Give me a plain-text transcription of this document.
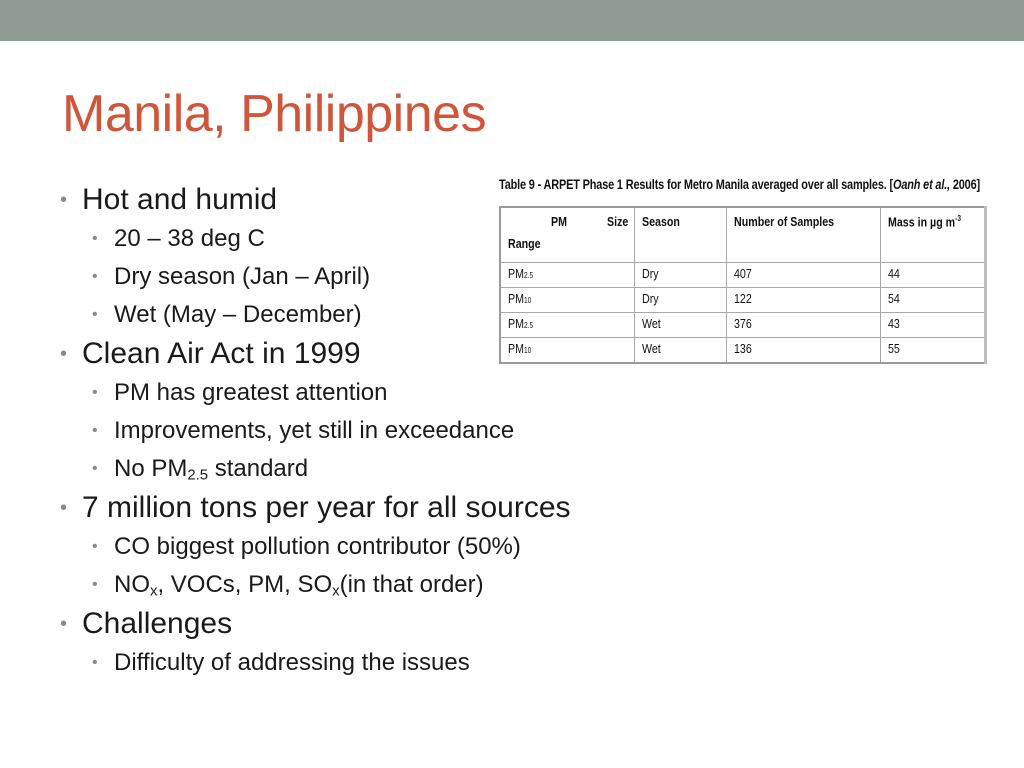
Manila, Philippines
• Hot and humid
• 20 – 38 deg C
• Dry season (Jan – April)
• Wet (May – December)
• Clean Air Act in 1999
• PM has greatest attention
• Improvements, yet still in exceedance
• No $PM_{2.5}$ standard
• 7 million tons per year for all sources
• CO biggest pollution contributor (50%)
• $NO_x$, VOCs, PM, $SO_x(in$ that order)
• Challenges
• Difficulty of addressing the issues
Table 9 - ARPET Phase 1 Results for Metro Manila averaged over all samples. [Oanh et al., 2006]
PM Size
Range	Season	Number of Samples	Mass in µg $m^{-3}$
PM2.5	Dry	407	44
PM10	Dry	122	54
PM2.5	Wet	376	43
PM10	Wet	136	55
